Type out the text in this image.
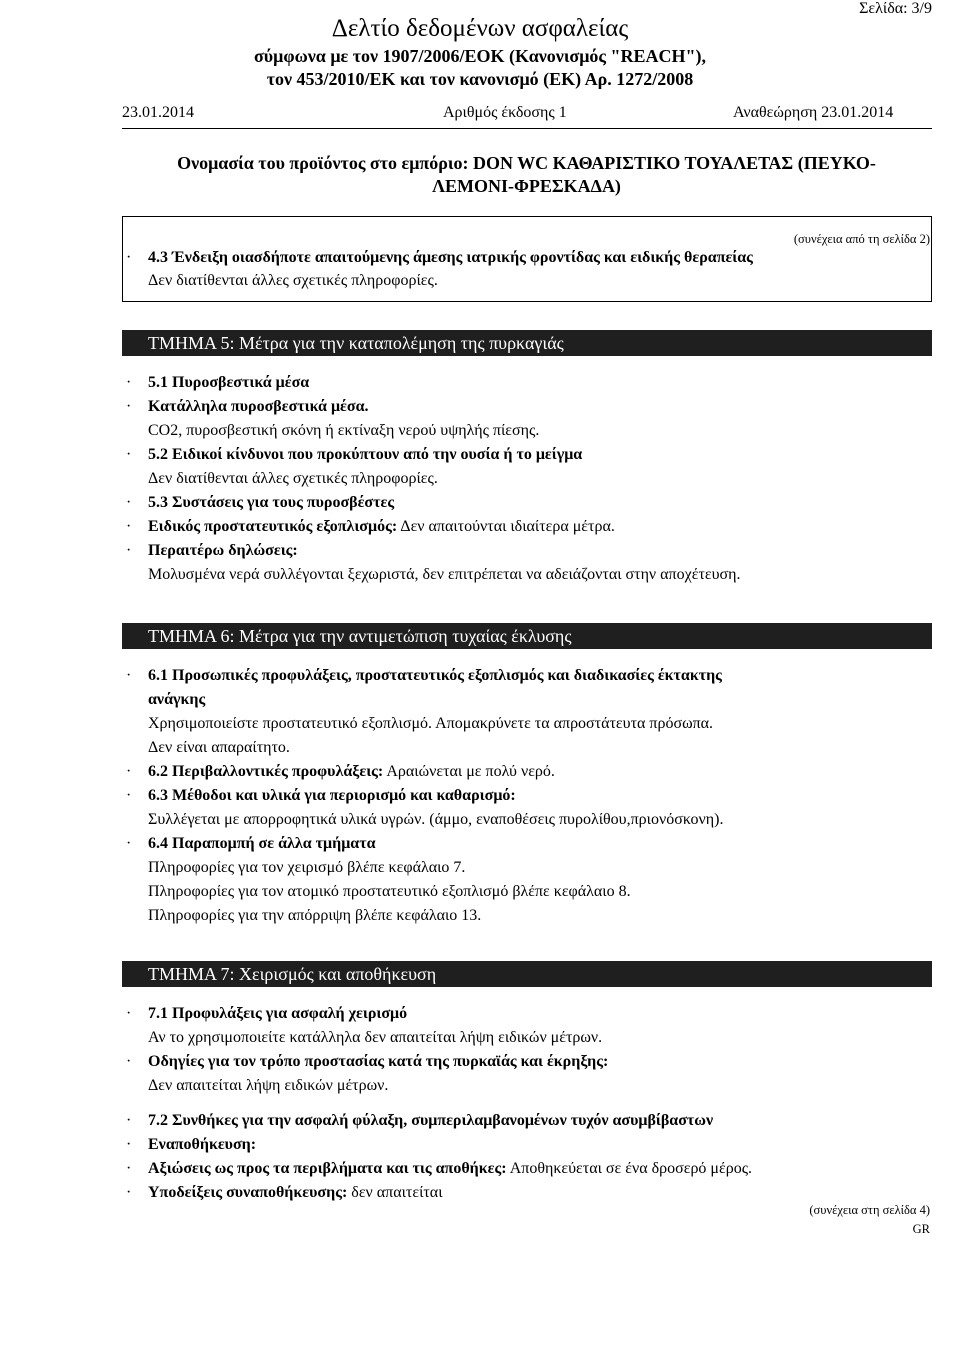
Σελίδα: 3/9
Δελτίο δεδομένων ασφαλείας
σύμφωνα με τον 1907/2006/ΕΟΚ (Κανονισμός "REACH"),
τον 453/2010/ΕΚ και τον κανονισμό (ΕΚ) Αρ. 1272/2008
23.01.2014	Αριθμός έκδοσης 1	Αναθεώρηση 23.01.2014
Ονομασία του προϊόντος στο εμπόριο: DON WC ΚΑΘΑΡΙΣΤΙΚΟ ΤΟΥΑΛΕΤΑΣ (ΠΕΥΚΟ-
ΛΕΜΟΝΙ-ΦΡΕΣΚΑΔΑ)
(συνέχεια από τη σελίδα 2)
· 4.3 Ένδειξη οιασδήποτε απαιτούμενης άμεσης ιατρικής φροντίδας και ειδικής θεραπείας
Δεν διατίθενται άλλες σχετικές πληροφορίες.
ΤΜΗΜΑ 5: Μέτρα για την καταπολέμηση της πυρκαγιάς
· 5.1 Πυροσβεστικά μέσα
· Κατάλληλα πυροσβεστικά μέσα.
CO2, πυροσβεστική σκόνη ή εκτίναξη νερού υψηλής πίεσης.
· 5.2 Ειδικοί κίνδυνοι που προκύπτουν από την ουσία ή το μείγμα
Δεν διατίθενται άλλες σχετικές πληροφορίες.
· 5.3 Συστάσεις για τους πυροσβέστες
· Ειδικός προστατευτικός εξοπλισμός: Δεν απαιτούνται ιδιαίτερα μέτρα.
· Περαιτέρω δηλώσεις:
Μολυσμένα νερά συλλέγονται ξεχωριστά, δεν επιτρέπεται να αδειάζονται στην αποχέτευση.
ΤΜΗΜΑ 6: Μέτρα για την αντιμετώπιση τυχαίας έκλυσης
· 6.1 Προσωπικές προφυλάξεις, προστατευτικός εξοπλισμός και διαδικασίες έκτακτης
ανάγκης
Χρησιμοποιείστε προστατευτικό εξοπλισμό. Απομακρύνετε τα απροστάτευτα πρόσωπα.
Δεν είναι απαραίτητο.
· 6.2 Περιβαλλοντικές προφυλάξεις: Αραιώνεται με πολύ νερό.
· 6.3 Μέθοδοι και υλικά για περιορισμό και καθαρισμό:
Συλλέγεται με απορροφητικά υλικά υγρών. (άμμο, εναποθέσεις πυρολίθου,πριονόσκονη).
· 6.4 Παραπομπή σε άλλα τμήματα
Πληροφορίες για τον χειρισμό βλέπε κεφάλαιο 7.
Πληροφορίες για τον ατομικό προστατευτικό εξοπλισμό βλέπε κεφάλαιο 8.
Πληροφορίες για την απόρριψη βλέπε κεφάλαιο 13.
ΤΜΗΜΑ 7: Χειρισμός και αποθήκευση
· 7.1 Προφυλάξεις για ασφαλή χειρισμό
Αν το χρησιμοποιείτε κατάλληλα δεν απαιτείται λήψη ειδικών μέτρων.
· Οδηγίες για τον τρόπο προστασίας κατά της πυρκαϊάς και έκρηξης:
Δεν απαιτείται λήψη ειδικών μέτρων.
· 7.2 Συνθήκες για την ασφαλή φύλαξη, συμπεριλαμβανομένων τυχόν ασυμβίβαστων
· Εναποθήκευση:
· Αξιώσεις ως προς τα περιβλήματα και τις αποθήκες: Αποθηκεύεται σε ένα δροσερό μέρος.
· Υποδείξεις συναποθήκευσης: δεν απαιτείται
(συνέχεια στη σελίδα 4)
GR
